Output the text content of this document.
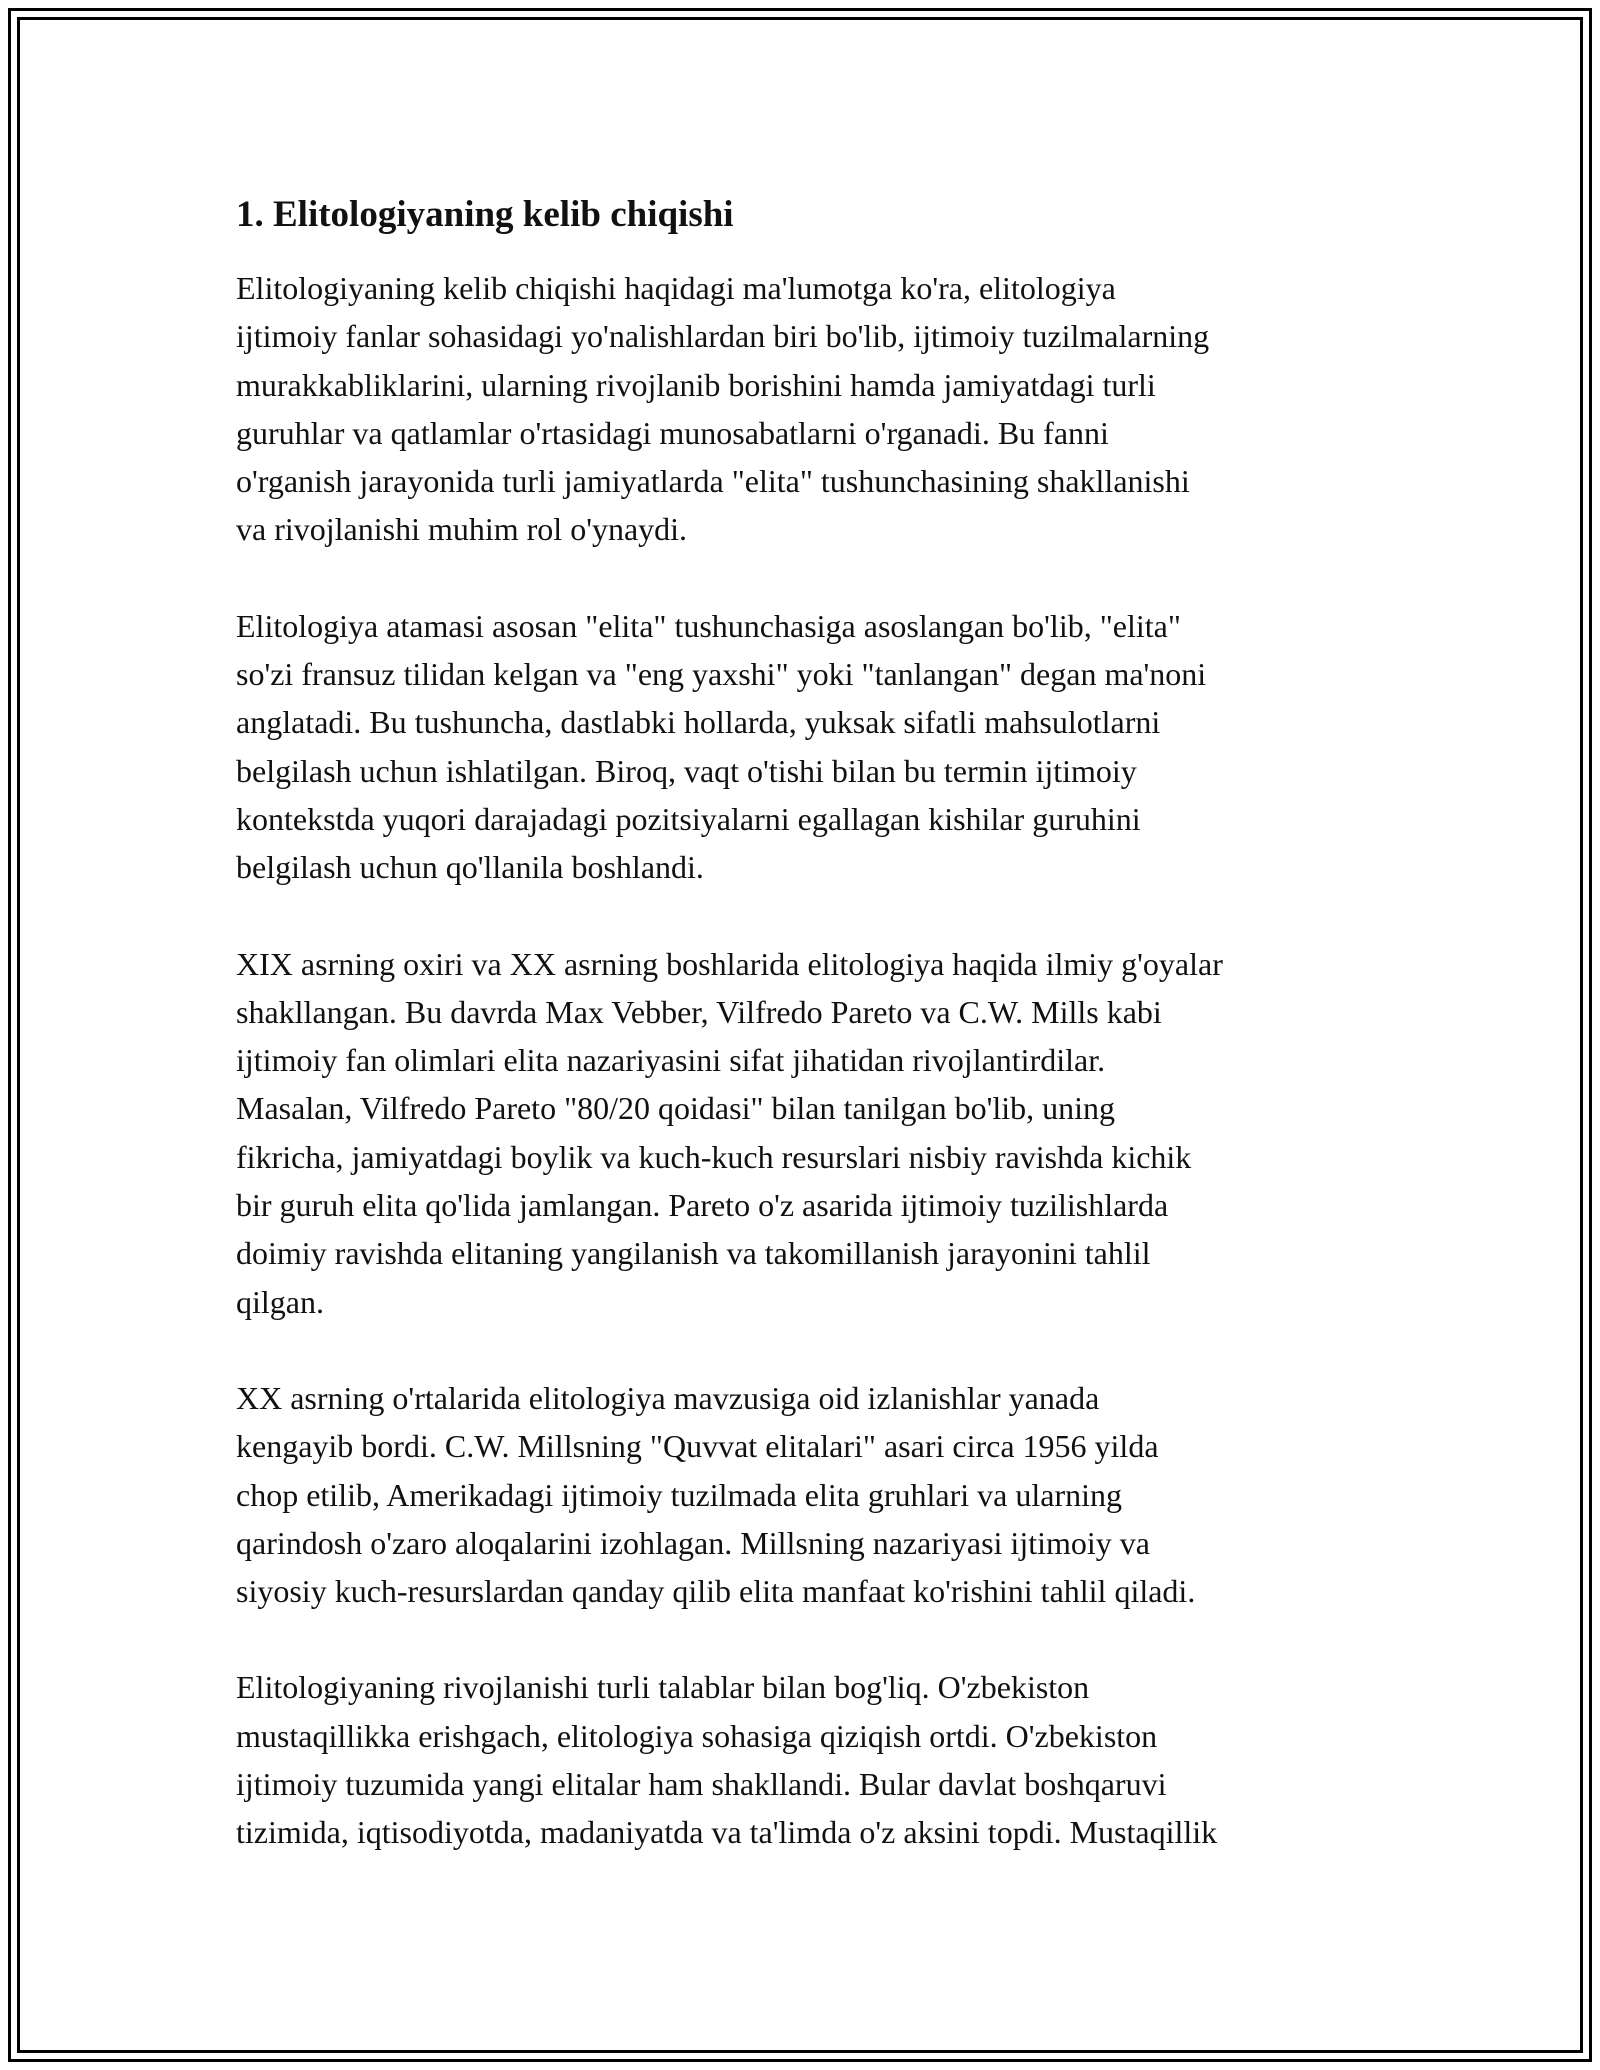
1. Elitologiyaning kelib chiqishi

Elitologiyaning kelib chiqishi haqidagi ma'lumotga ko'ra, elitologiya
ijtimoiy fanlar sohasidagi yo'nalishlardan biri bo'lib, ijtimoiy tuzilmalarning
murakkabliklarini, ularning rivojlanib borishini hamda jamiyatdagi turli
guruhlar va qatlamlar o'rtasidagi munosabatlarni o'rganadi. Bu fanni
o'rganish jarayonida turli jamiyatlarda "elita" tushunchasining shakllanishi
va rivojlanishi muhim rol o'ynaydi.

Elitologiya atamasi asosan "elita" tushunchasiga asoslangan bo'lib, "elita"
so'zi fransuz tilidan kelgan va "eng yaxshi" yoki "tanlangan" degan ma'noni
anglatadi. Bu tushuncha, dastlabki hollarda, yuksak sifatli mahsulotlarni
belgilash uchun ishlatilgan. Biroq, vaqt o'tishi bilan bu termin ijtimoiy
kontekstda yuqori darajadagi pozitsiyalarni egallagan kishilar guruhini
belgilash uchun qo'llanila boshlandi.

XIX asrning oxiri va XX asrning boshlarida elitologiya haqida ilmiy g'oyalar
shakllangan. Bu davrda Max Vebber, Vilfredo Pareto va C.W. Mills kabi
ijtimoiy fan olimlari elita nazariyasini sifat jihatidan rivojlantirdilar.
Masalan, Vilfredo Pareto "80/20 qoidasi" bilan tanilgan bo'lib, uning
fikricha, jamiyatdagi boylik va kuch-kuch resurslari nisbiy ravishda kichik
bir guruh elita qo'lida jamlangan. Pareto o'z asarida ijtimoiy tuzilishlarda
doimiy ravishda elitaning yangilanish va takomillanish jarayonini tahlil
qilgan.

XX asrning o'rtalarida elitologiya mavzusiga oid izlanishlar yanada
kengayib bordi. C.W. Millsning "Quvvat elitalari" asari circa 1956 yilda
chop etilib, Amerikadagi ijtimoiy tuzilmada elita gruhlari va ularning
qarindosh o'zaro aloqalarini izohlagan. Millsning nazariyasi ijtimoiy va
siyosiy kuch-resurslardan qanday qilib elita manfaat ko'rishini tahlil qiladi.

Elitologiyaning rivojlanishi turli talablar bilan bog'liq. O'zbekiston
mustaqillikka erishgach, elitologiya sohasiga qiziqish ortdi. O'zbekiston
ijtimoiy tuzumida yangi elitalar ham shakllandi. Bular davlat boshqaruvi
tizimida, iqtisodiyotda, madaniyatda va ta'limda o'z aksini topdi. Mustaqillik
